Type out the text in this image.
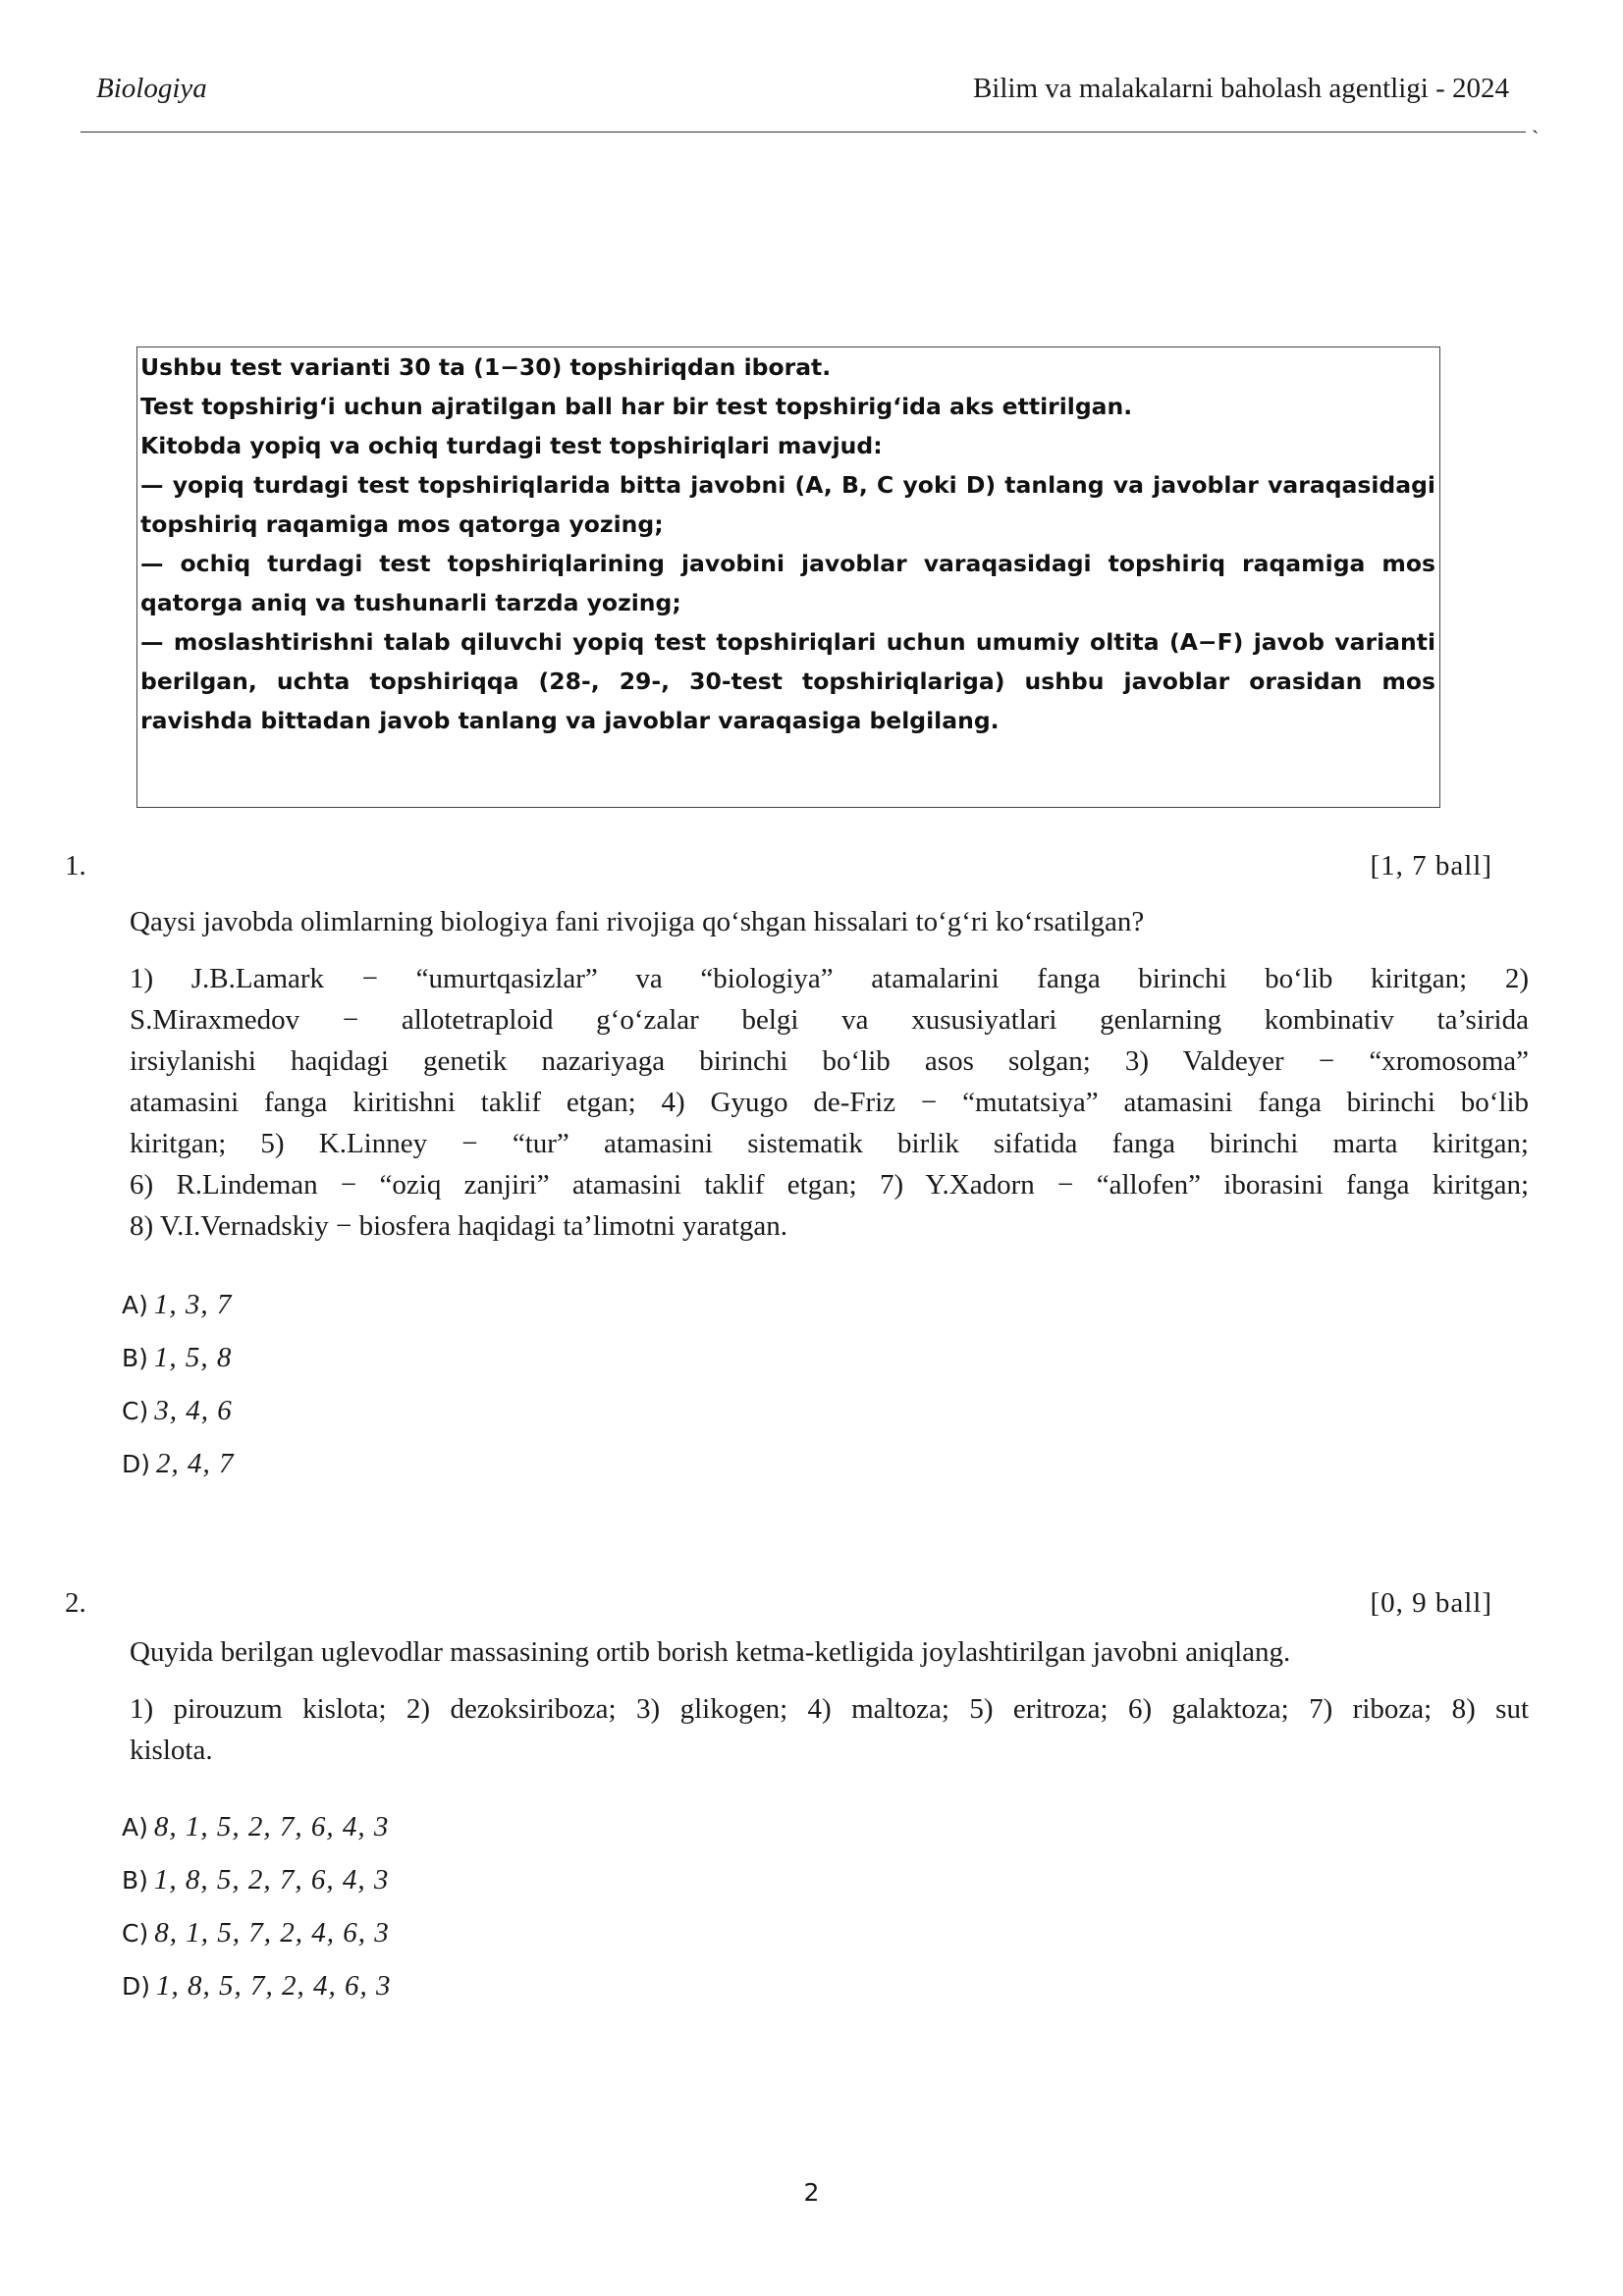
Biologiya	Bilim va malakalarni baholash agentligi - 2024
`

Ushbu test varianti 30 ta (1−30) topshiriqdan iborat.

Test topshirig‘i uchun ajratilgan ball har bir test topshirig‘ida aks ettirilgan.

Kitobda yopiq va ochiq turdagi test topshiriqlari mavjud:

— yopiq turdagi test topshiriqlarida bitta javobni (A, B, C yoki D) tanlang va javoblar varaqasidagi topshiriq raqamiga mos qatorga yozing;

— ochiq turdagi test topshiriqlarining javobini javoblar varaqasidagi topshiriq raqamiga mos qatorga aniq va tushunarli tarzda yozing;

— moslashtirishni talab qiluvchi yopiq test topshiriqlari uchun umumiy oltita (A−F) javob varianti berilgan, uchta topshiriqqa (28-, 29-, 30-test topshiriqlariga) ushbu javoblar orasidan mos ravishda bittadan javob tanlang va javoblar varaqasiga belgilang.

1.	[1, 7 ball]
Qaysi javobda olimlarning biologiya fani rivojiga qo‘shgan hissalari to‘g‘ri ko‘rsatilgan?
1) J.B.Lamark − “umurtqasizlar” va “biologiya” atamalarini fanga birinchi bo‘lib kiritgan; 2)
S.Miraxmedov − allotetraploid g‘o‘zalar belgi va xususiyatlari genlarning kombinativ ta’sirida
irsiylanishi haqidagi genetik nazariyaga birinchi bo‘lib asos solgan; 3) Valdeyer − “xromosoma”
atamasini fanga kiritishni taklif etgan; 4) Gyugo de-Friz − “mutatsiya” atamasini fanga birinchi bo‘lib
kiritgan; 5) K.Linney − “tur” atamasini sistematik birlik sifatida fanga birinchi marta kiritgan;
6) R.Lindeman − “oziq zanjiri” atamasini taklif etgan; 7) Y.Xadorn − “allofen” iborasini fanga kiritgan;
8) V.I.Vernadskiy − biosfera haqidagi ta’limotni yaratgan.
A) 1, 3, 7
B) 1, 5, 8
C) 3, 4, 6
D) 2, 4, 7
2.	[0, 9 ball]
Quyida berilgan uglevodlar massasining ortib borish ketma-ketligida joylashtirilgan javobni aniqlang.
1) pirouzum kislota; 2) dezoksiriboza; 3) glikogen; 4) maltoza; 5) eritroza; 6) galaktoza; 7) riboza; 8) sut
kislota.
A) 8, 1, 5, 2, 7, 6, 4, 3
B) 1, 8, 5, 2, 7, 6, 4, 3
C) 8, 1, 5, 7, 2, 4, 6, 3
D) 1, 8, 5, 7, 2, 4, 6, 3
2
